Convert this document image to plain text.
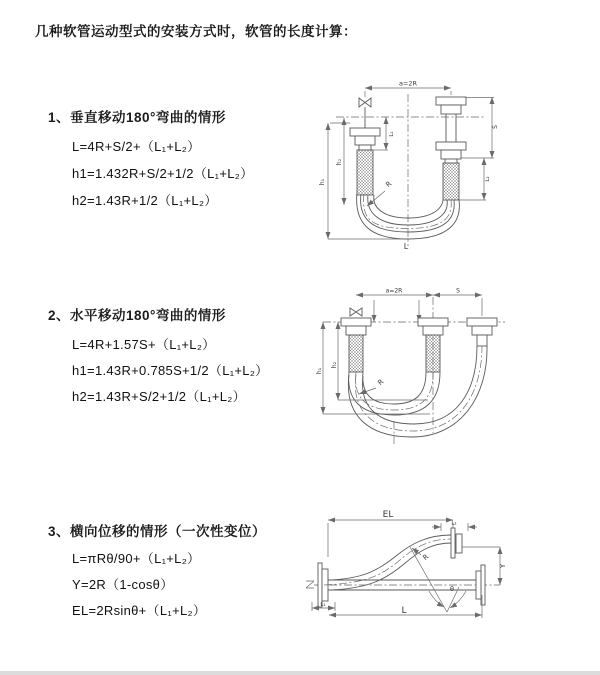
几种软管运动型式的安装方式时，软管的长度计算：
1、垂直移动180°弯曲的情形
L=4R+S/2+（L₁+L₂）
h1=1.432R+S/2+1/2（L₁+L₂）
h2=1.43R+1/2（L₁+L₂）
2、水平移动180°弯曲的情形
L=4R+1.57S+（L₁+L₂）
h1=1.43R+0.785S+1/2（L₁+L₂）
h2=1.43R+S/2+1/2（L₁+L₂）
3、横向位移的情形（一次性变位）
L=πRθ/90+（L₁+L₂）
Y=2R（1-cosθ）
EL=2Rsinθ+（L₁+L₂）
a=2R
R
h₁
h₂
L₁
S
L₂
L
a=2R	S
h₁
h₂
R
EL
L₂
Y
R
θ
L₁
L
